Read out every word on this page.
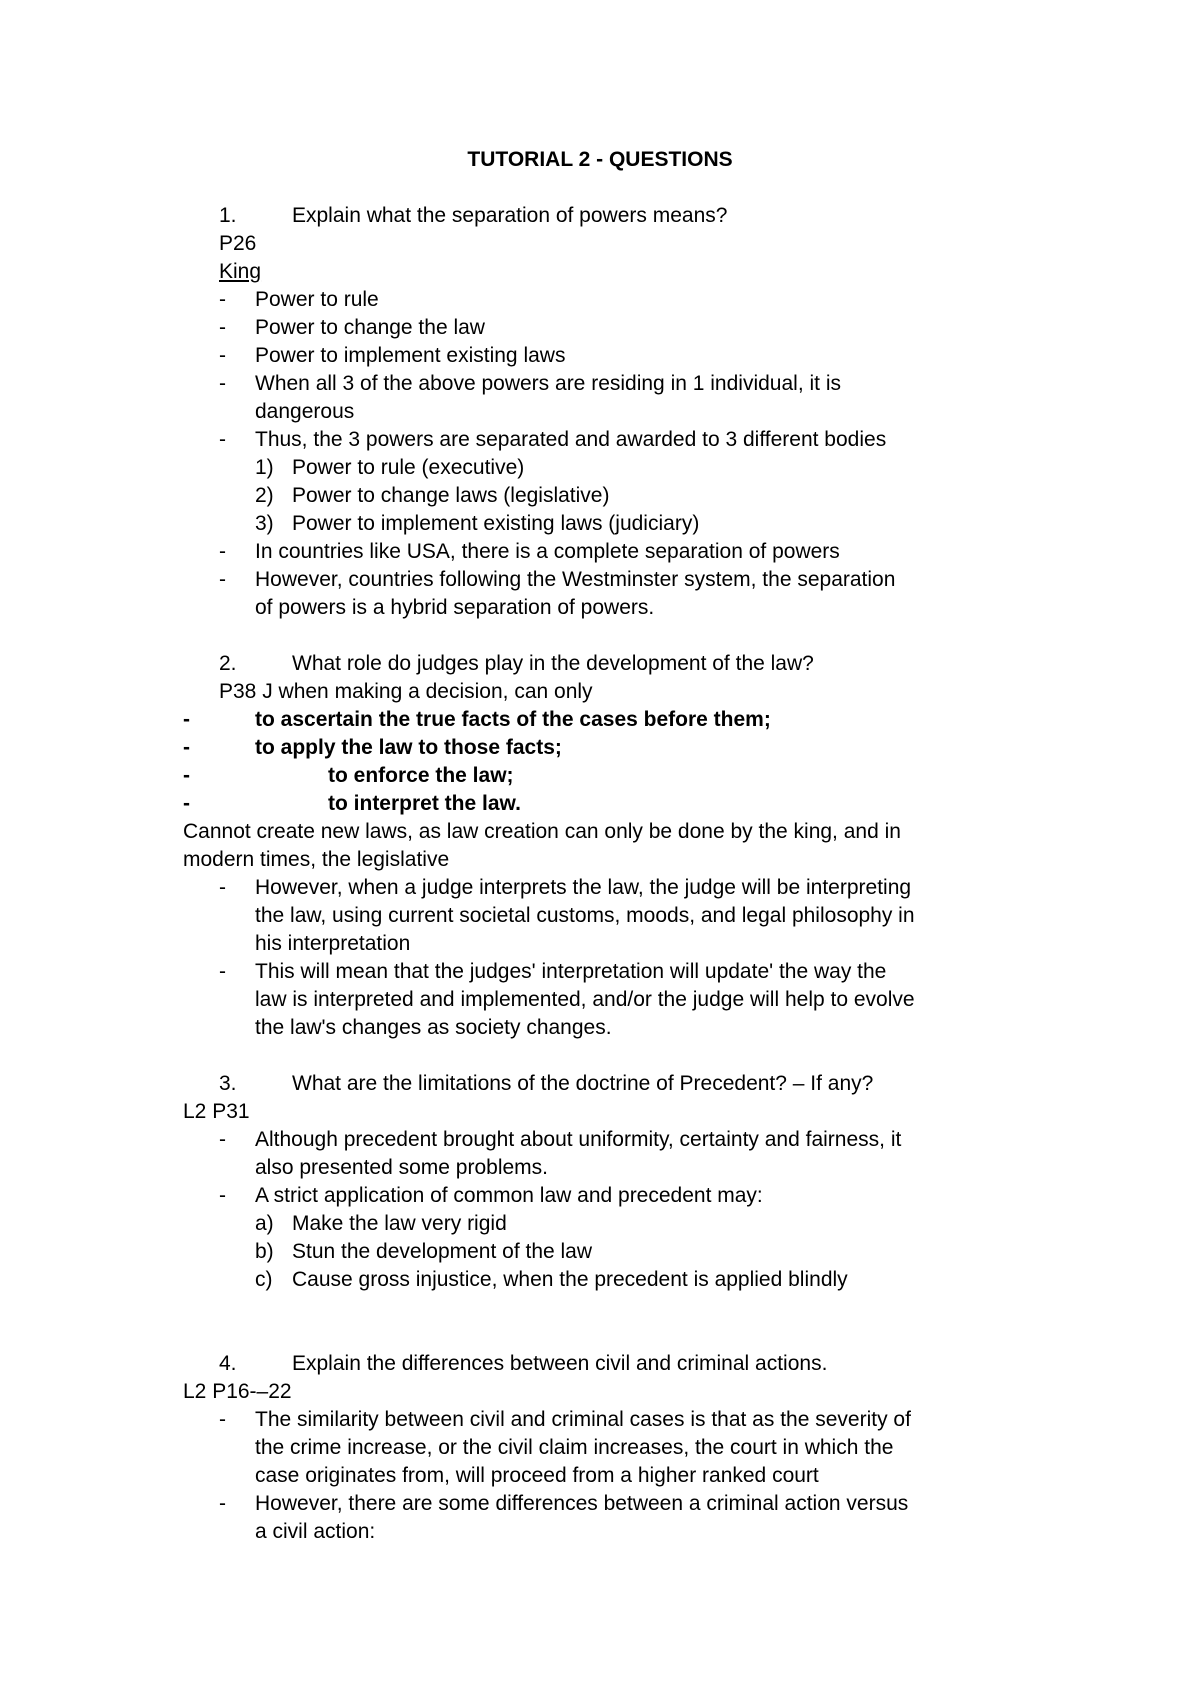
TUTORIAL 2 - QUESTIONS
1.	Explain what the separation of powers means?
P26
King
- Power to rule
- Power to change the law
- Power to implement existing laws
- When all 3 of the above powers are residing in 1 individual, it is
dangerous
- Thus, the 3 powers are separated and awarded to 3 different bodies
1) Power to rule (executive)
2) Power to change laws (legislative)
3) Power to implement existing laws (judiciary)
- In countries like USA, there is a complete separation of powers
- However, countries following the Westminster system, the separation
of powers is a hybrid separation of powers.
2.	What role do judges play in the development of the law?
P38 J when making a decision, can only
-	to ascertain the true facts of the cases before them;
-	to apply the law to those facts;
-	to enforce the law;
-	to interpret the law.
Cannot create new laws, as law creation can only be done by the king, and in
modern times, the legislative
- However, when a judge interprets the law, the judge will be interpreting
the law, using current societal customs, moods, and legal philosophy in
his interpretation
- This will mean that the judges' interpretation will update' the way the
law is interpreted and implemented, and/or the judge will help to evolve
the law's changes as society changes.
3.	What are the limitations of the doctrine of Precedent? – If any?
L2 P31
- Although precedent brought about uniformity, certainty and fairness, it
also presented some problems.
- A strict application of common law and precedent may:
a) Make the law very rigid
b) Stun the development of the law
c) Cause gross injustice, when the precedent is applied blindly
4.	Explain the differences between civil and criminal actions.
L2 P16-–22
- The similarity between civil and criminal cases is that as the severity of
the crime increase, or the civil claim increases, the court in which the
case originates from, will proceed from a higher ranked court
- However, there are some differences between a criminal action versus
a civil action:
